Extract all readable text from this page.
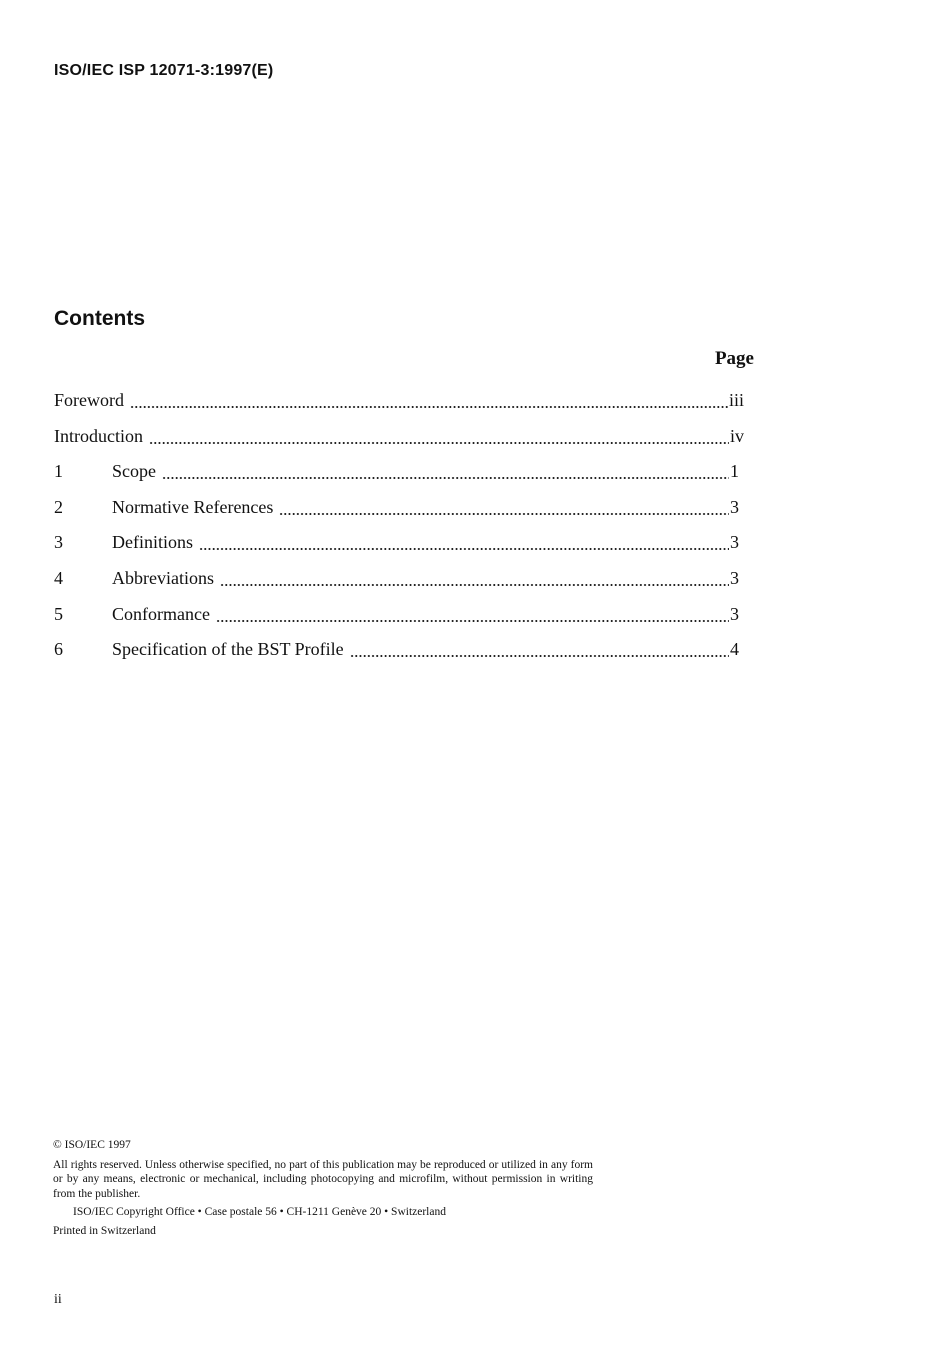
ISO/IEC ISP 12071-3:1997(E)
Contents
Page
Foreword	iii
Introduction	iv
1	Scope	1
2	Normative References	3
3	Definitions	3
4	Abbreviations	3
5	Conformance	3
6	Specification of the BST Profile	4

© ISO/IEC 1997

All rights reserved. Unless otherwise specified, no part of this publication may be reproduced or utilized in any form or by any means, electronic or mechanical, including photocopying and microfilm, without permission in writing from the publisher.

ISO/IEC Copyright Office • Case postale 56 • CH-1211 Genève 20 • Switzerland

Printed in Switzerland

ii
